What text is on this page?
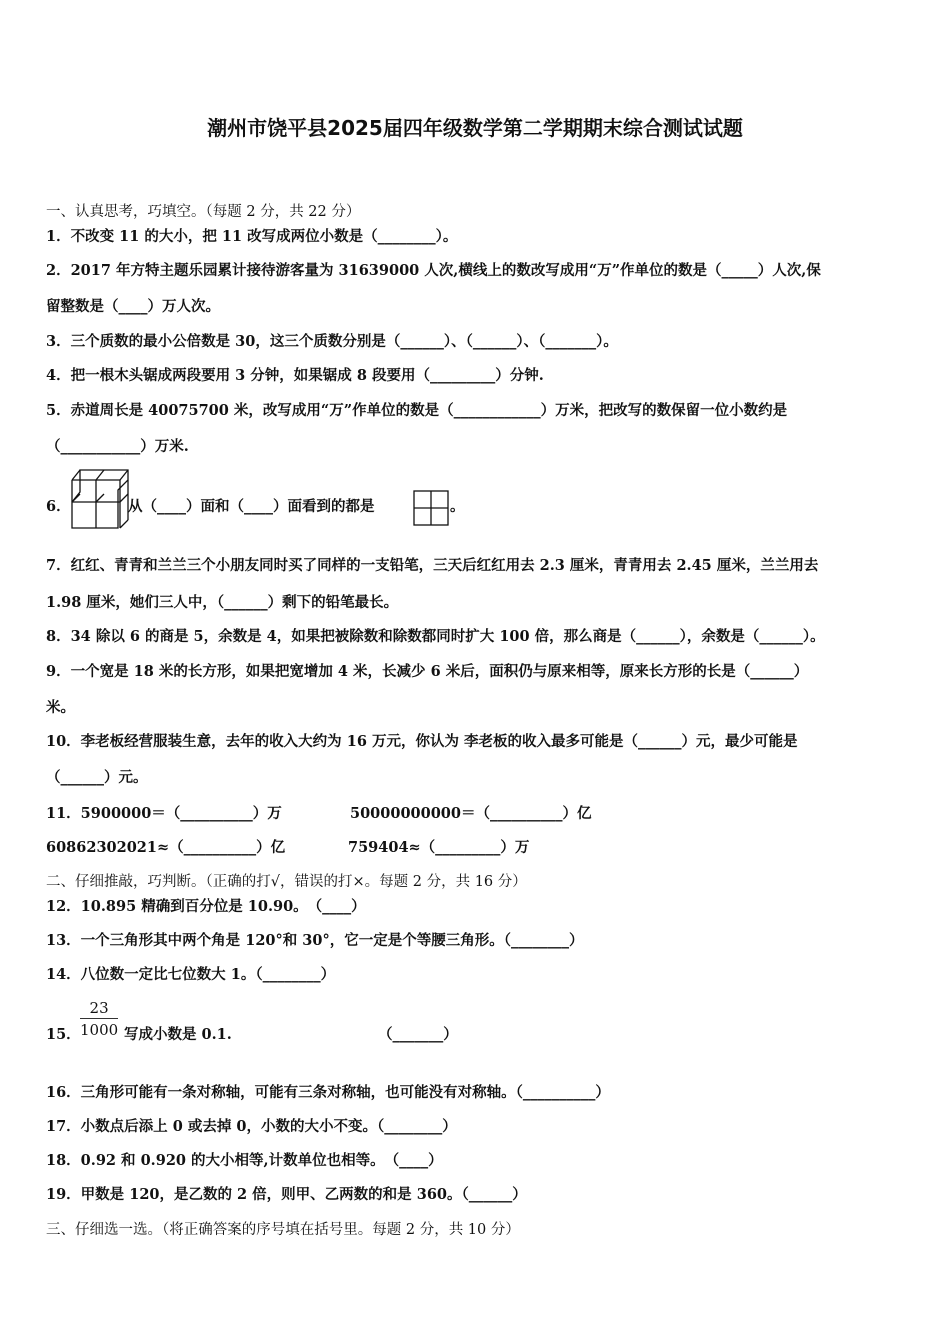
潮州市饶平县2025届四年级数学第二学期期末综合测试试题
一、认真思考，巧填空。（每题 2 分，共 22 分）
1．不改变 11 的大小，把 11 改写成两位小数是（________）。
2．2017 年方特主题乐园累计接待游客量为 31639000 人次,横线上的数改写成用“万”作单位的数是（_____）人次,保
留整数是（____）万人次。
3．三个质数的最小公倍数是 30，这三个质数分别是（______）、（______）、（_______）。
4．把一根木头锯成两段要用 3 分钟，如果锯成 8 段要用（_________）分钟.
5．赤道周长是 40075700 米，改写成用“万”作单位的数是（____________）万米，把改写的数保留一位小数约是
（___________）万米.
6．	从（____）面和（____）面看到的都是	。
7．红红、青青和兰兰三个小朋友同时买了同样的一支铅笔，三天后红红用去 2.3 厘米，青青用去 2.45 厘米，兰兰用去
1.98 厘米，她们三人中，（______）剩下的铅笔最长。
8．34 除以 6 的商是 5，余数是 4，如果把被除数和除数都同时扩大 100 倍，那么商是（______），余数是（______）。
9．一个宽是 18 米的长方形，如果把宽增加 4 米，长减少 6 米后，面积仍与原来相等，原来长方形的长是（______）
米。
10．李老板经营服装生意，去年的收入大约为 16 万元，你认为 李老板的收入最多可能是（______）元，最少可能是
（______）元。
11．5900000＝（__________）万	50000000000＝（__________）亿
60862302021≈（__________）亿	759404≈（_________）万
二、仔细推敲，巧判断。（正确的打√，错误的打×。每题 2 分，共 16 分）
12．10.895 精确到百分位是 10.90。　（____）
13．一个三角形其中两个角是 120°和 30°，它一定是个等腰三角形。（________）
14．八位数一定比七位数大 1。（________）
15． $\frac{23}{1000}$ 写成小数是 0.1.	（_______）
16．三角形可能有一条对称轴，可能有三条对称轴，也可能没有对称轴。（__________）
17．小数点后添上 0 或去掉 0，小数的大小不变。（________）
18．0.92 和 0.920 的大小相等,计数单位也相等。　（____）
19．甲数是 120，是乙数的 2 倍，则甲、乙两数的和是 360。（______）
三、仔细选一选。（将正确答案的序号填在括号里。每题 2 分，共 10 分）
